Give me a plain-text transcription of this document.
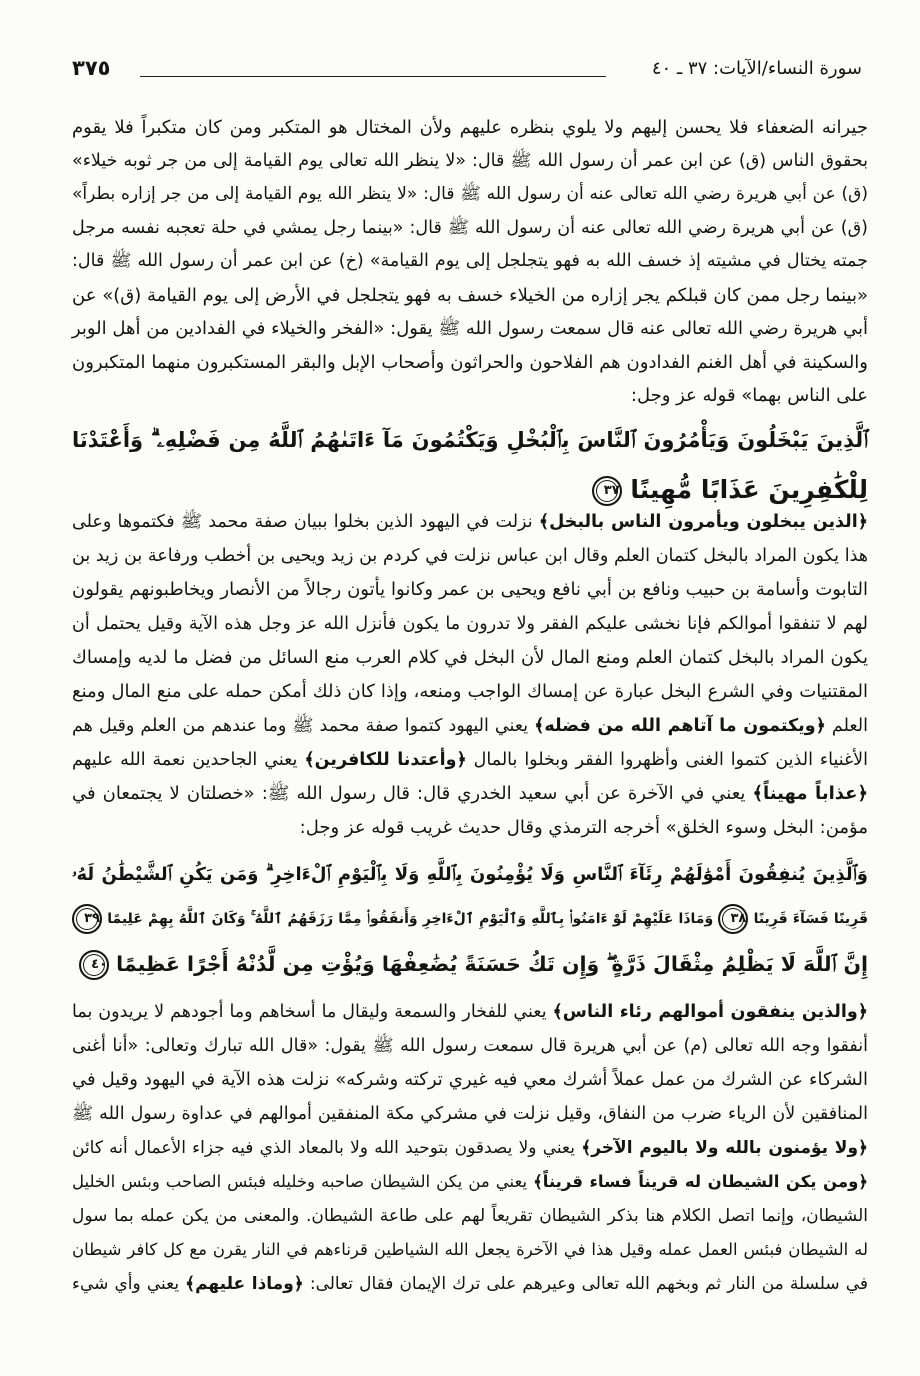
سورة النساء/الآيات: ٣٧ ـ ٤٠
٣٧٥
جيرانه الضعفاء فلا يحسن إليهم ولا يلوي بنظره عليهم ولأن المختال هو المتكبر ومن كان متكبراً فلا يقوم
بحقوق الناس (ق) عن ابن عمر أن رسول الله ﷺ قال: «لا ينظر الله تعالى يوم القيامة إلى من جر ثوبه خيلاء»
(ق) عن أبي هريرة رضي الله تعالى عنه أن رسول الله ﷺ قال: «لا ينظر الله يوم القيامة إلى من جر إزاره بطراً»
(ق) عن أبي هريرة رضي الله تعالى عنه أن رسول الله ﷺ قال: «بينما رجل يمشي في حلة تعجبه نفسه مرجل
جمته يختال في مشيته إذ خسف الله به فهو يتجلجل إلى يوم القيامة» (خ) عن ابن عمر أن رسول الله ﷺ قال:
«بينما رجل ممن كان قبلكم يجر إزاره من الخيلاء خسف به فهو يتجلجل في الأرض إلى يوم القيامة (ق)» عن
أبي هريرة رضي الله تعالى عنه قال سمعت رسول الله ﷺ يقول: «الفخر والخيلاء في الفدادين من أهل الوبر
والسكينة في أهل الغنم الفدادون هم الفلاحون والحراثون وأصحاب الإبل والبقر المستكبرون منهما المتكبرون
على الناس بهما» قوله عز وجل:
ٱلَّذِينَ يَبْخَلُونَ وَيَأْمُرُونَ ٱلنَّاسَ بِٱلْبُخْلِ وَيَكْتُمُونَ مَآ ءَاتَىٰهُمُ ٱللَّهُ مِن فَضْلِهِۦ ۗ وَأَعْتَدْنَا
لِلْكَٰفِرِينَ عَذَابًا مُّهِينًا ٣٧
﴿الذين يبخلون ويأمرون الناس بالبخل﴾ نزلت في اليهود الذين بخلوا ببيان صفة محمد ﷺ فكتموها وعلى
هذا يكون المراد بالبخل كتمان العلم وقال ابن عباس نزلت في كردم بن زيد ويحيى بن أخطب ورفاعة بن زيد بن
التابوت وأسامة بن حبيب ونافع بن أبي نافع ويحيى بن عمر وكانوا يأتون رجالاً من الأنصار ويخاطبونهم يقولون
لهم لا تنفقوا أموالكم فإنا نخشى عليكم الفقر ولا تدرون ما يكون فأنزل الله عز وجل هذه الآية وقيل يحتمل أن
يكون المراد بالبخل كتمان العلم ومنع المال لأن البخل في كلام العرب منع السائل من فضل ما لديه وإمساك
المقتنيات وفي الشرع البخل عبارة عن إمساك الواجب ومنعه، وإذا كان ذلك أمكن حمله على منع المال ومنع
العلم ﴿ويكتمون ما آتاهم الله من فضله﴾ يعني اليهود كتموا صفة محمد ﷺ وما عندهم من العلم وقيل هم
الأغنياء الذين كتموا الغنى وأظهروا الفقر وبخلوا بالمال ﴿وأعتدنا للكافرين﴾ يعني الجاحدين نعمة الله عليهم
﴿عذاباً مهيناً﴾ يعني في الآخرة عن أبي سعيد الخدري قال: قال رسول الله ﷺ: «خصلتان لا يجتمعان في
مؤمن: البخل وسوء الخلق» أخرجه الترمذي وقال حديث غريب قوله عز وجل:
وَٱلَّذِينَ يُنفِقُونَ أَمْوَٰلَهُمْ رِئَآءَ ٱلنَّاسِ وَلَا يُؤْمِنُونَ بِٱللَّهِ وَلَا بِٱلْيَوْمِ ٱلْءَاخِرِ ۗ وَمَن يَكُنِ ٱلشَّيْطَٰنُ لَهُۥ
قَرِينًا فَسَآءَ قَرِينًا ٣٨ وَمَاذَا عَلَيْهِمْ لَوْ ءَامَنُوا۟ بِٱللَّهِ وَٱلْيَوْمِ ٱلْءَاخِرِ وَأَنفَقُوا۟ مِمَّا رَزَقَهُمُ ٱللَّهُ ۚ وَكَانَ ٱللَّهُ بِهِمْ عَلِيمًا ٣٩
إِنَّ ٱللَّهَ لَا يَظْلِمُ مِثْقَالَ ذَرَّةٍ ۖ وَإِن تَكُ حَسَنَةً يُضَٰعِفْهَا وَيُؤْتِ مِن لَّدُنْهُ أَجْرًا عَظِيمًا ٤٠
﴿والذين ينفقون أموالهم رئاء الناس﴾ يعني للفخار والسمعة وليقال ما أسخاهم وما أجودهم لا يريدون بما
أنفقوا وجه الله تعالى (م) عن أبي هريرة قال سمعت رسول الله ﷺ يقول: «قال الله تبارك وتعالى: «أنا أغنى
الشركاء عن الشرك من عمل عملاً أشرك معي فيه غيري تركته وشركه» نزلت هذه الآية في اليهود وقيل في
المنافقين لأن الرياء ضرب من النفاق، وقيل نزلت في مشركي مكة المنفقين أموالهم في عداوة رسول الله ﷺ
﴿ولا يؤمنون بالله ولا باليوم الآخر﴾ يعني ولا يصدقون بتوحيد الله ولا بالمعاد الذي فيه جزاء الأعمال أنه كائن
﴿ومن يكن الشيطان له قريناً فساء قريناً﴾ يعني من يكن الشيطان صاحبه وخليله فبئس الصاحب وبئس الخليل
الشيطان، وإنما اتصل الكلام هنا بذكر الشيطان تقريعاً لهم على طاعة الشيطان. والمعنى من يكن عمله بما سول
له الشيطان فبئس العمل عمله وقيل هذا في الآخرة يجعل الله الشياطين قرناءهم في النار يقرن مع كل كافر شيطان
في سلسلة من النار ثم وبخهم الله تعالى وعيرهم على ترك الإيمان فقال تعالى: ﴿وماذا عليهم﴾ يعني وأي شيء
